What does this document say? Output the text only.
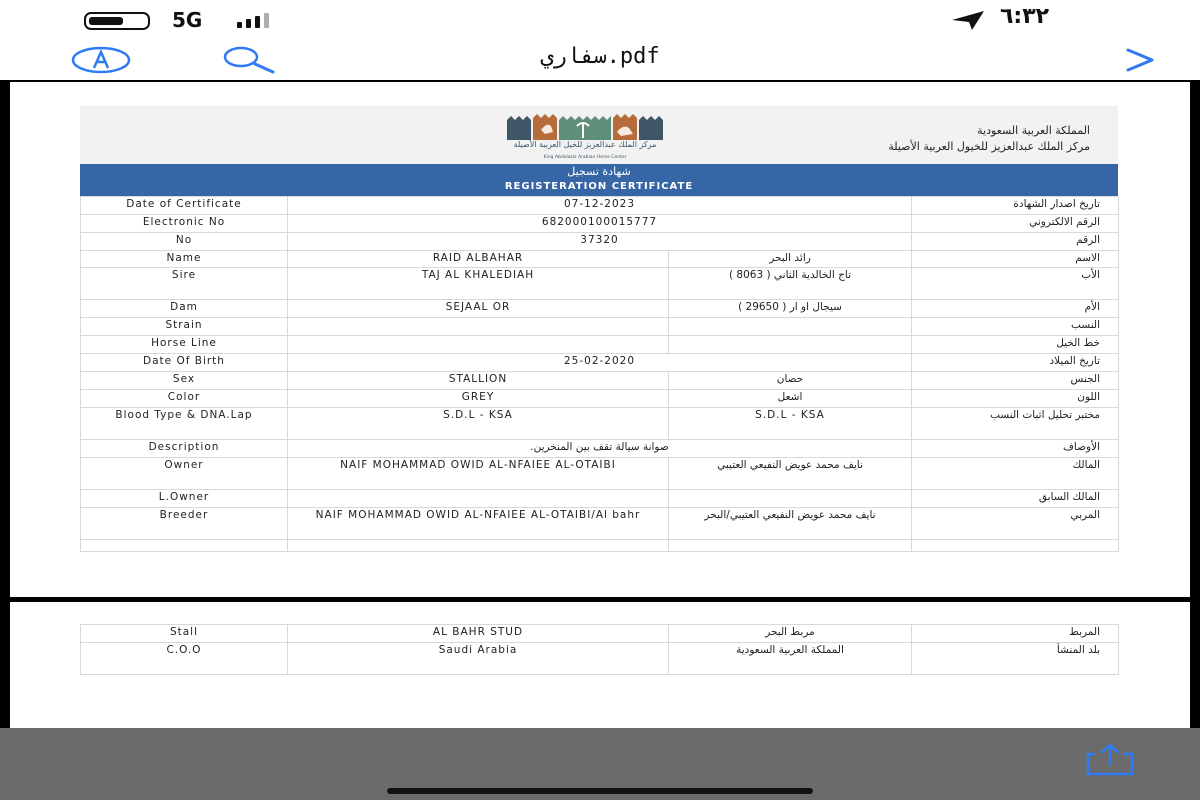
5G	٦:٣٢
سفاري.pdf
مركز الملك عبدالعزيز للخيل العربية الأصيلة
King Abdulaziz Arabian Horse Center
المملكة العربية السعودية
مركز الملك عبدالعزيز للخيول العربية الأصيلة
شهادة تسجيل
REGISTERATION CERTIFICATE
Date of Certificate	07-12-2023		تاريخ اصدار الشهادة
Electronic No	682000100015777		الرقم الالكتروني
No	37320		الرقم
Name	RAID ALBAHAR	رائد البحر	الاسم
Sire	TAJ AL KHALEDIAH	تاج الخالدية الثاني ( 8063 )	الأب
Dam	SEJAAL OR	سيجال او ار ( 29650 )	الأم
Strain			النسب
Horse Line			خط الخيل
Date Of Birth	25-02-2020		تاريخ الميلاد
Sex	STALLION	حصان	الجنس
Color	GREY	اشعل	اللون
Blood Type & DNA.Lap	S.D.L - KSA	S.D.L - KSA	مختبر تحليل اثبات النسب
Description	صوانة سيالة تقف بين المنخرين.		الأوصاف
Owner	NAIF MOHAMMAD OWID AL-NFAIEE AL-OTAIBI	نايف محمد عويض النفيعي العتيبي	المالك
L.Owner			المالك السابق
Breeder	NAIF MOHAMMAD OWID AL-NFAIEE AL-OTAIBI/Al bahr	نايف محمد عويض النفيعي العتيبي/البحر	المربي

Stall	AL BAHR STUD	مربط البحر	المربط
C.O.O	Saudi Arabia	المملكة العربية السعودية	بلد المنشأ
